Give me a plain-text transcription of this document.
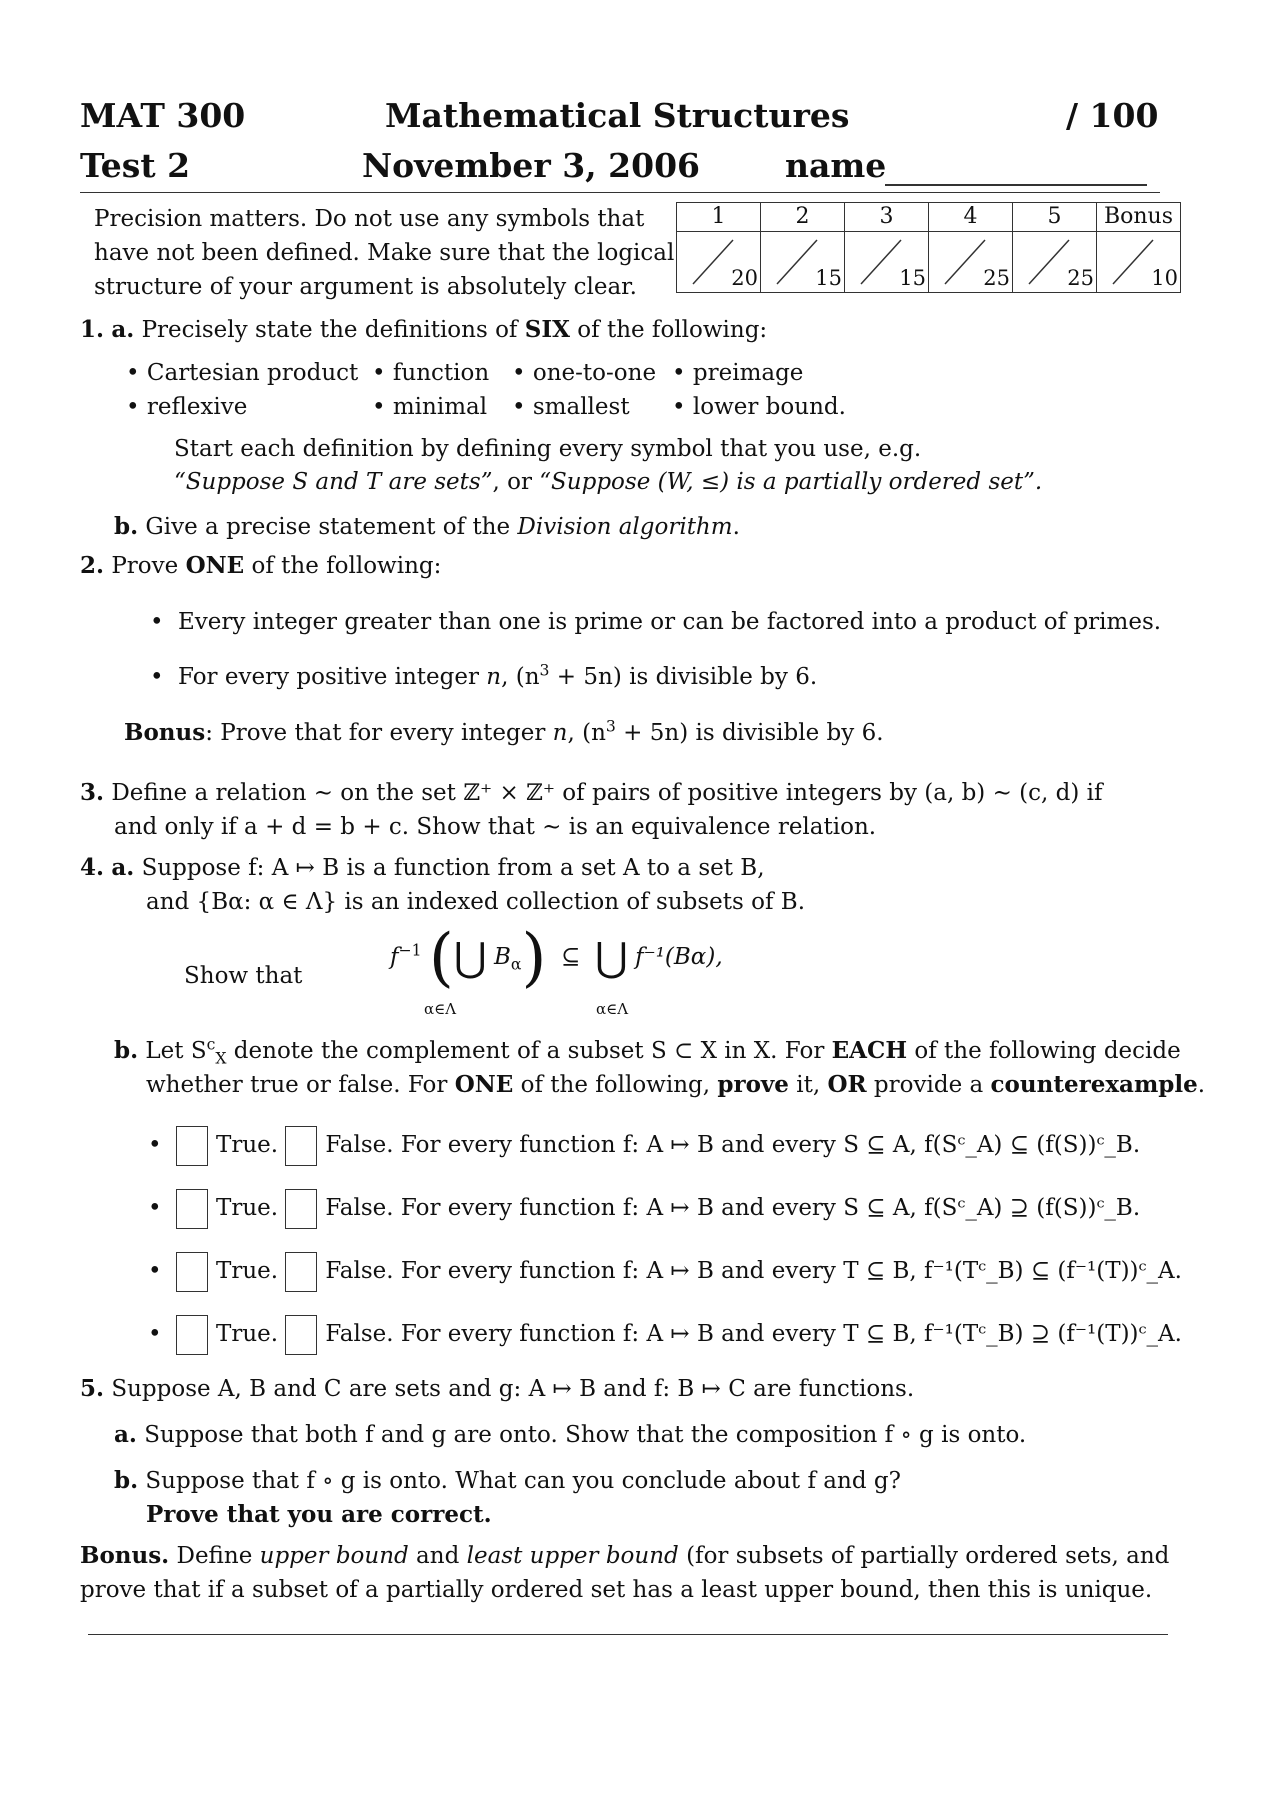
MAT 300	Mathematical Structures	/ 100
Test 2	November 3, 2006	name
Precision matters. Do not use any symbols that
have not been defined. Make sure that the logical
structure of your argument is absolutely clear.
1	2	3	4	5	Bonus

20	15	15	25	25	10
1. a. Precisely state the definitions of SIX of the following:
• Cartesian product • function • one-to-one • preimage
• reflexive	• minimal • smallest • lower bound.
Start each definition by defining every symbol that you use, e.g.
“Suppose S and T are sets”, or “Suppose (W, ≤) is a partially ordered set”.
b. Give a precise statement of the Division algorithm.
2. Prove ONE of the following:
• Every integer greater than one is prime or can be factored into a product of primes.
• For every positive integer n, $(n^3 + 5n)$ is divisible by 6.
Bonus: Prove that for every integer n, $(n^3 + 5n)$ is divisible by 6.
3. Define a relation ∼ on the set ℤ⁺ × ℤ⁺ of pairs of positive integers by (a, b) ∼ (c, d) if
and only if a + d = b + c. Show that ∼ is an equivalence relation.
4. a. Suppose f: A ↦ B is a function from a set A to a set B,
and {Bα: α ∈ Λ} is an indexed collection of subsets of B.
Show that
$f^{-1}$ (⋃ $B_\alpha$) ⊆ ⋃ f⁻¹(Bα),
α∈Λ	α∈Λ
b. Let $S^c_X$ denote the complement of a subset S ⊂ X in X. For EACH of the following decide
whether true or false. For ONE of the following, prove it, OR provide a counterexample.
• True. False. For every function f: A ↦ B and every S ⊆ A, f(Sᶜ_A) ⊆ (f(S))ᶜ_B.
• True. False. For every function f: A ↦ B and every S ⊆ A, f(Sᶜ_A) ⊇ (f(S))ᶜ_B.
• True. False. For every function f: A ↦ B and every T ⊆ B, f⁻¹(Tᶜ_B) ⊆ (f⁻¹(T))ᶜ_A.
• True. False. For every function f: A ↦ B and every T ⊆ B, f⁻¹(Tᶜ_B) ⊇ (f⁻¹(T))ᶜ_A.
5. Suppose A, B and C are sets and g: A ↦ B and f: B ↦ C are functions.
a. Suppose that both f and g are onto. Show that the composition f ∘ g is onto.
b. Suppose that f ∘ g is onto. What can you conclude about f and g?
Prove that you are correct.
Bonus. Define upper bound and least upper bound (for subsets of partially ordered sets, and
prove that if a subset of a partially ordered set has a least upper bound, then this is unique.
